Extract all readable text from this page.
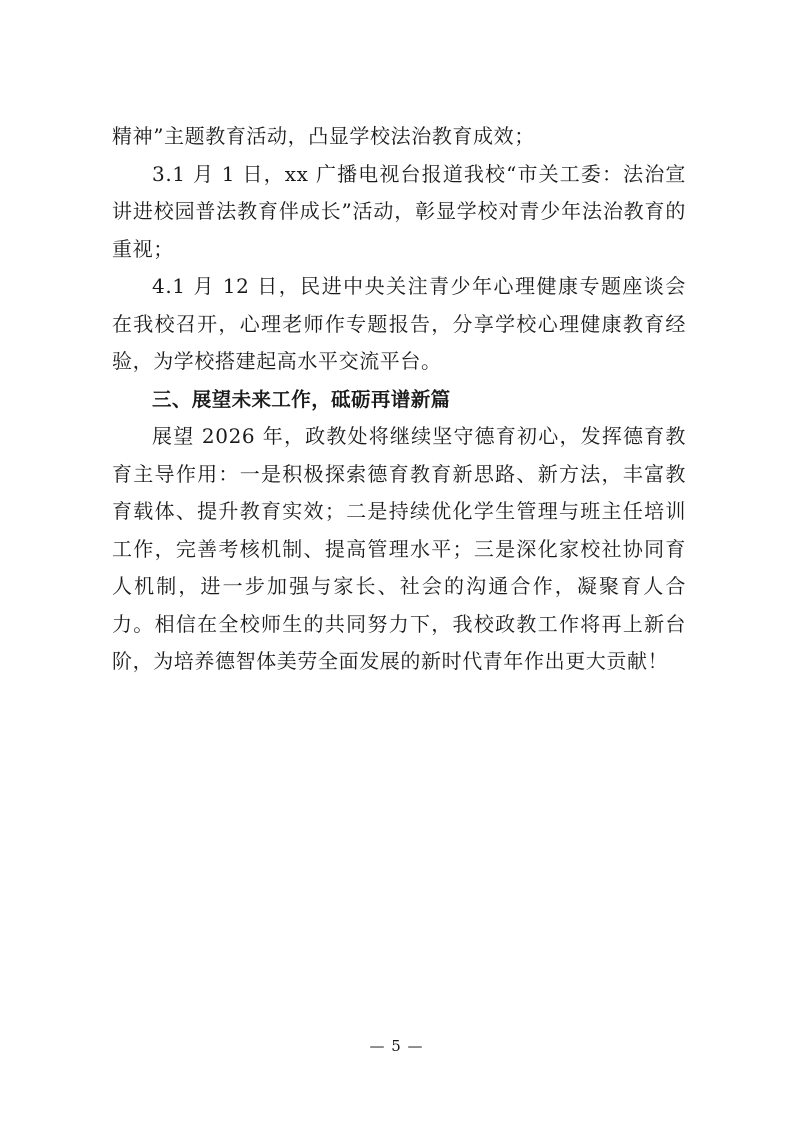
精神”主题教育活动，凸显学校法治教育成效；

3.1 月 1 日，xx 广播电视台报道我校“市关工委：法治宣讲进校园普法教育伴成长”活动，彰显学校对青少年法治教育的重视；

4.1 月 12 日，民进中央关注青少年心理健康专题座谈会在我校召开，心理老师作专题报告，分享学校心理健康教育经验，为学校搭建起高水平交流平台。

三、展望未来工作，砥砺再谱新篇

展望 2026 年，政教处将继续坚守德育初心，发挥德育教育主导作用：一是积极探索德育教育新思路、新方法，丰富教育载体、提升教育实效；二是持续优化学生管理与班主任培训工作，完善考核机制、提高管理水平；三是深化家校社协同育人机制，进一步加强与家长、社会的沟通合作，凝聚育人合力。相信在全校师生的共同努力下，我校政教工作将再上新台阶，为培养德智体美劳全面发展的新时代青年作出更大贡献！

— 5 —
